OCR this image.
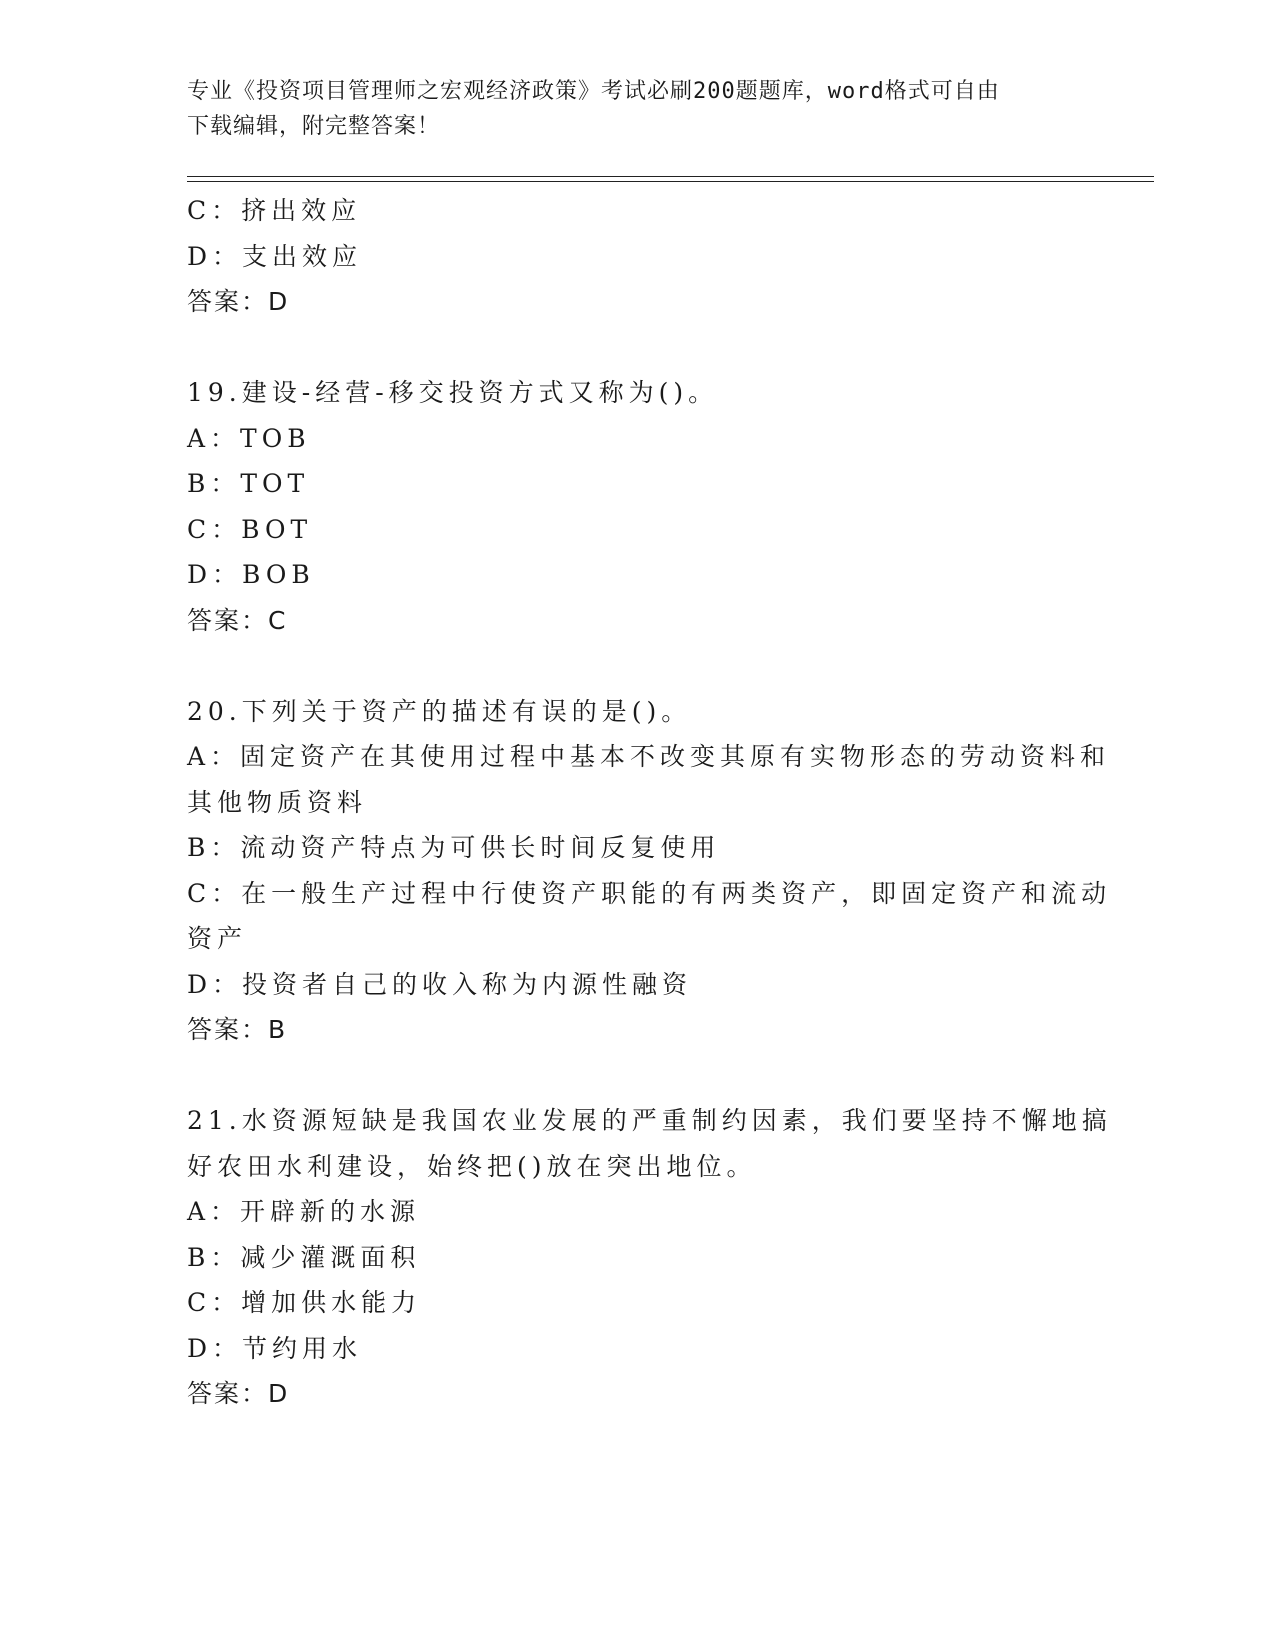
专业《投资项目管理师之宏观经济政策》考试必刷200题题库，word格式可自由
下载编辑，附完整答案！
C：挤出效应
D：支出效应
答案：D
19.建设-经营-移交投资方式又称为()。
A：TOB
B：TOT
C：BOT
D：BOB
答案：C
20.下列关于资产的描述有误的是()。
A：固定资产在其使用过程中基本不改变其原有实物形态的劳动资料和
其他物质资料
B：流动资产特点为可供长时间反复使用
C：在一般生产过程中行使资产职能的有两类资产，即固定资产和流动
资产
D：投资者自己的收入称为内源性融资
答案：B
21.水资源短缺是我国农业发展的严重制约因素，我们要坚持不懈地搞
好农田水利建设，始终把()放在突出地位。
A：开辟新的水源
B：减少灌溉面积
C：增加供水能力
D：节约用水
答案：D
